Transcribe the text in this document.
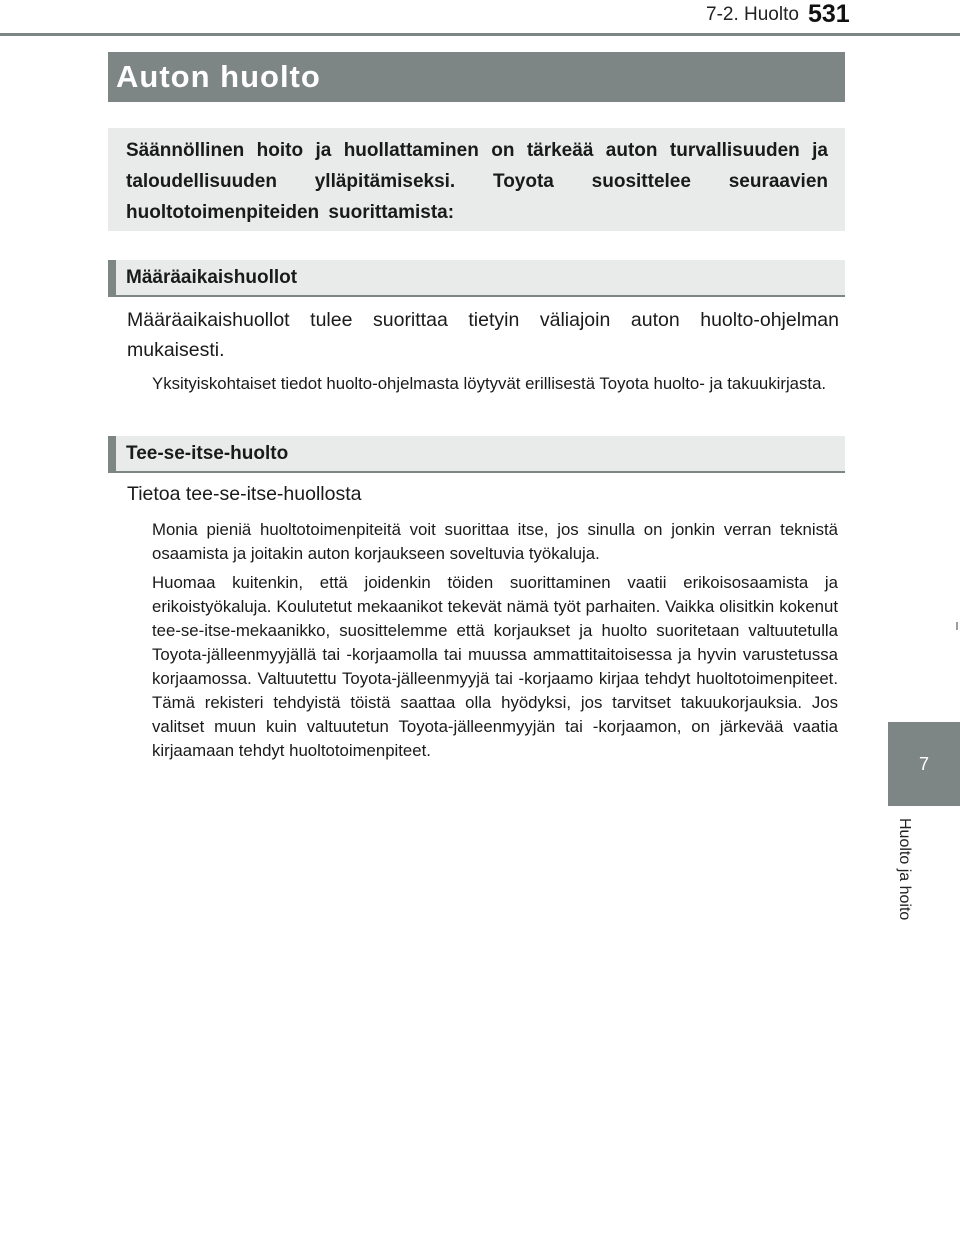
7-2. Huolto 531
Auton huolto
Säännöllinen hoito ja huollattaminen on tärkeää auton turvallisuuden ja taloudellisuuden ylläpitämiseksi. Toyota suosittelee seuraavien huoltotoimenpiteiden suorittamista:
Määräaikaishuollot
Määräaikaishuollot tulee suorittaa tietyin väliajoin auton huolto-ohjelman mukaisesti.
Yksityiskohtaiset tiedot huolto-ohjelmasta löytyvät erillisestä Toyota huolto- ja takuukirjasta.
Tee-se-itse-huolto
Tietoa tee-se-itse-huollosta
Monia pieniä huoltotoimenpiteitä voit suorittaa itse, jos sinulla on jonkin verran teknistä osaamista ja joitakin auton korjaukseen soveltuvia työkaluja.
Huomaa kuitenkin, että joidenkin töiden suorittaminen vaatii erikoisosaamista ja erikoistyökaluja. Koulutetut mekaanikot tekevät nämä työt parhaiten. Vaikka olisitkin kokenut tee-se-itse-mekaanikko, suosittelemme että korjaukset ja huolto suoritetaan valtuutetulla Toyota-jälleenmyyjällä tai -korjaamolla tai muussa ammattitaitoisessa ja hyvin varustetussa korjaamossa. Valtuutettu Toyota-jälleenmyyjä tai -korjaamo kirjaa tehdyt huoltotoimenpiteet. Tämä rekisteri tehdyistä töistä saattaa olla hyödyksi, jos tarvitset takuukorjauksia. Jos valitset muun kuin valtuutetun Toyota-jälleenmyyjän tai -korjaamon, on järkevää vaatia kirjaamaan tehdyt huoltotoimenpiteet.
7
Huolto ja hoito
